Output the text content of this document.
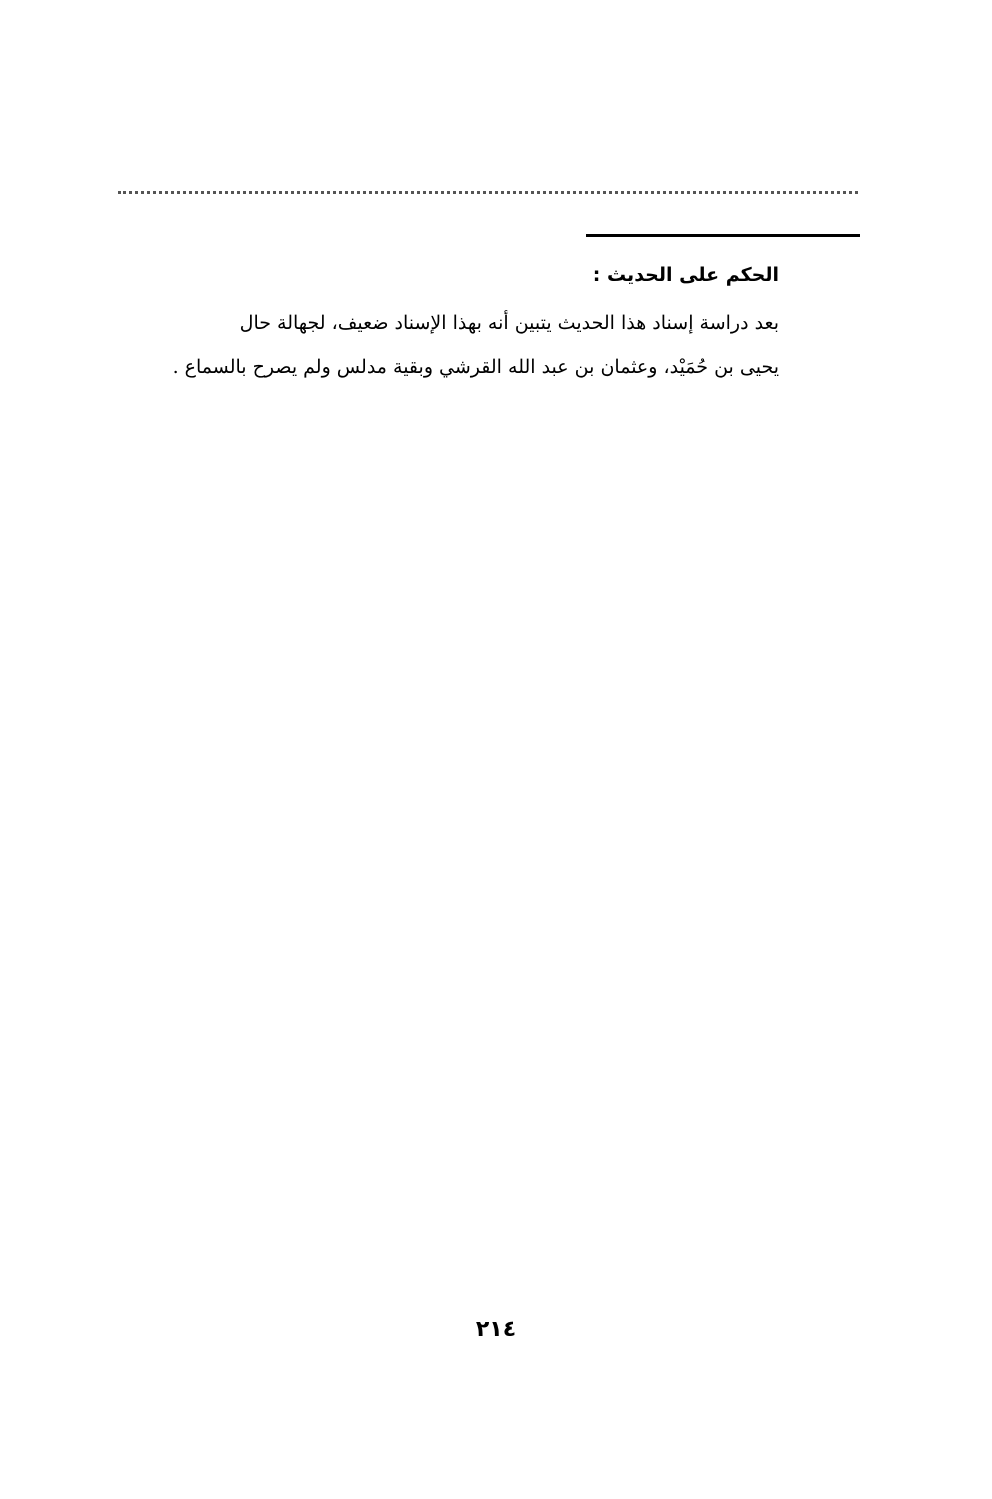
الحكم على الحديث :
بعد دراسة إسناد هذا الحديث يتبين أنه بهذا الإسناد ضعيف، لجهالة حال
يحيى بن حُمَيْد، وعثمان بن عبد الله القرشي وبقية مدلس ولم يصرح بالسماع .
٢١٤
